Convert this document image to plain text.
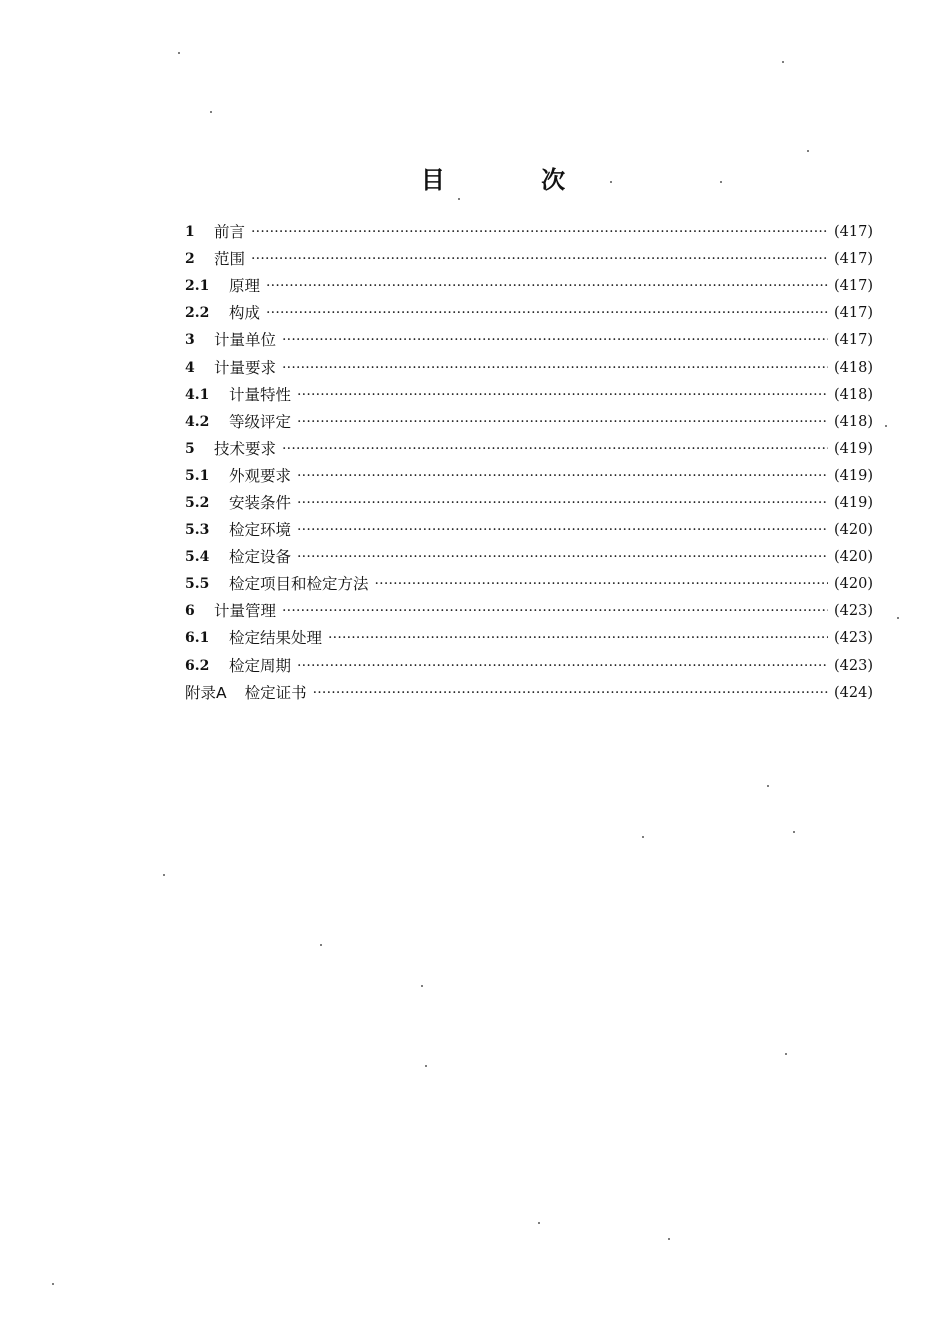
目 次
1	前言 ·····	(417)
2	范围 ·····	(417)
2.1	原理 ·····	(417)
2.2	构成 ·····	(417)
3	计量单位 ·····	(417)
4	计量要求 ·····	(418)
4.1	计量特性 ·····	(418)
4.2	等级评定 ·····	(418)
5	技术要求 ·····	(419)
5.1	外观要求 ·····	(419)
5.2	安装条件 ·····	(419)
5.3	检定环境 ·····	(420)
5.4	检定设备 ·····	(420)
5.5	检定项目和检定方法 ·····	(420)
6	计量管理 ·····	(423)
6.1	检定结果处理 ·····	(423)
6.2	检定周期 ·····	(423)
附录A 检定证书 ·····	(424)
